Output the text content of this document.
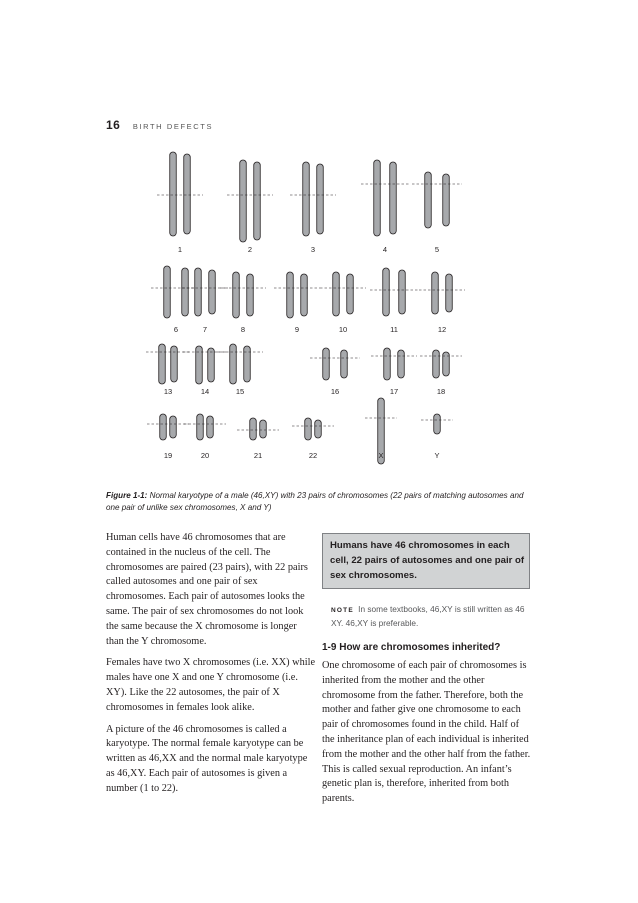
16 BIRTH DEFECTS
1	2	3	4	5
6	7	8	9	10	11	12
13	14	15	16	17	18
19	20	21	22	X	Y
Figure 1-1: Normal karyotype of a male (46,XY) with 23 pairs of chromosomes (22 pairs of matching autosomes and one pair of unlike sex chromosomes, X and Y)

Human cells have 46 chromosomes that are contained in the nucleus of the cell. The chromosomes are paired (23 pairs), with 22 pairs called autosomes and one pair of sex chromosomes. Each pair of autosomes looks the same. The pair of sex chromosomes do not look the same because the X chromosome is longer than the Y chromosome.

Females have two X chromosomes (i.e. XX) while males have one X and one Y chromosome (i.e. XY). Like the 22 autosomes, the pair of X chromosomes in females look alike.

A picture of the 46 chromosomes is called a karyotype. The normal female karyotype can be written as 46,XX and the normal male karyotype as 46,XY. Each pair of autosomes is given a number (1 to 22).

Humans have 46 chromosomes in each cell, 22 pairs of autosomes and one pair of sex chromosomes.
NOTE In some textbooks, 46,XY is still written as 46 XY. 46,XY is preferable.
1-9 How are chromosomes inherited?

One chromosome of each pair of chromosomes is inherited from the mother and the other chromosome from the father. Therefore, both the mother and father give one chromosome to each pair of chromosomes found in the child. Half of the inheritance plan of each individual is inherited from the mother and the other half from the father. This is called sexual reproduction. An infant’s genetic plan is, therefore, inherited from both parents.
